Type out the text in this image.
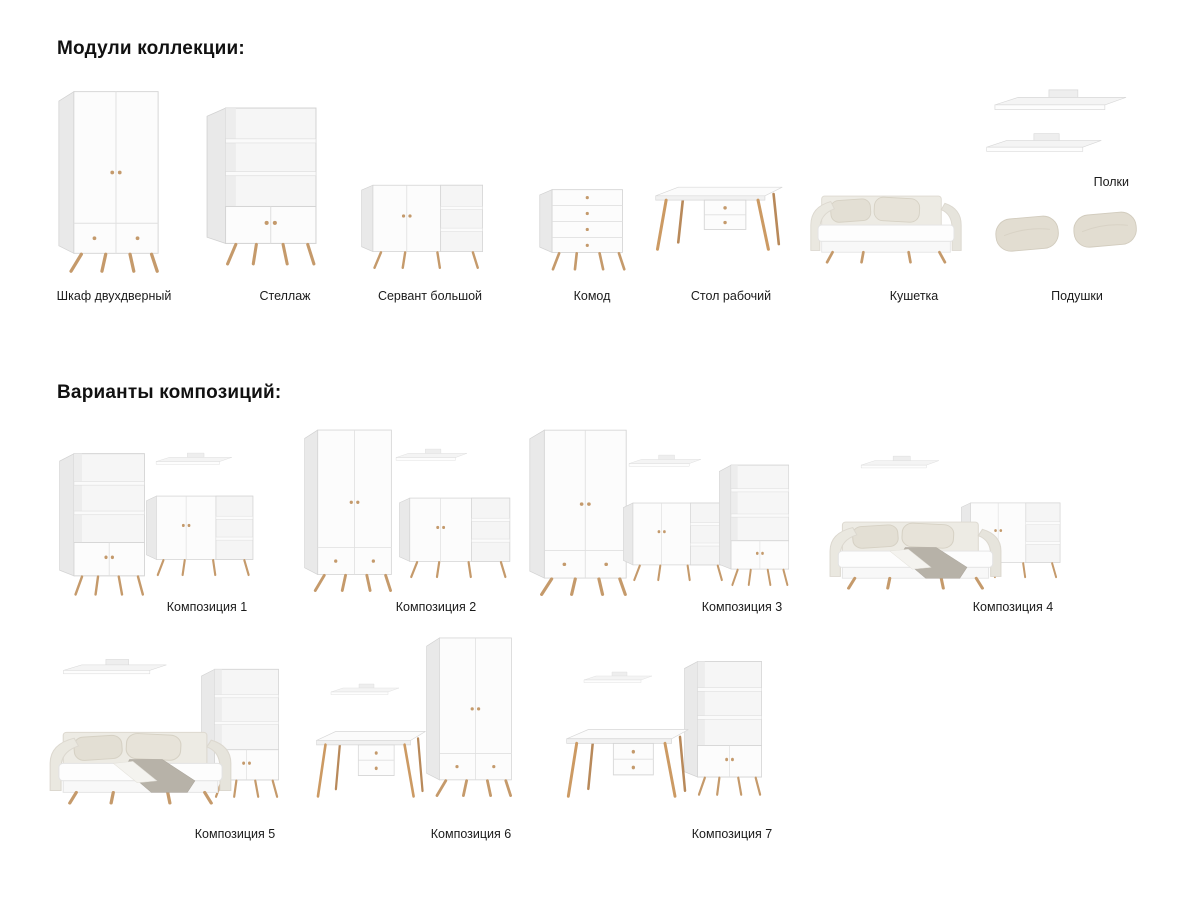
Модули коллекции:
Варианты композиций:
Шкаф двухдверный	Стеллаж	Сервант большой	Комод	Стол рабочий	Кушетка
Полки
Подушки
Композиция 1	Композиция 2	Композиция 3	Композиция 4
Композиция 5	Композиция 6	Композиция 7
